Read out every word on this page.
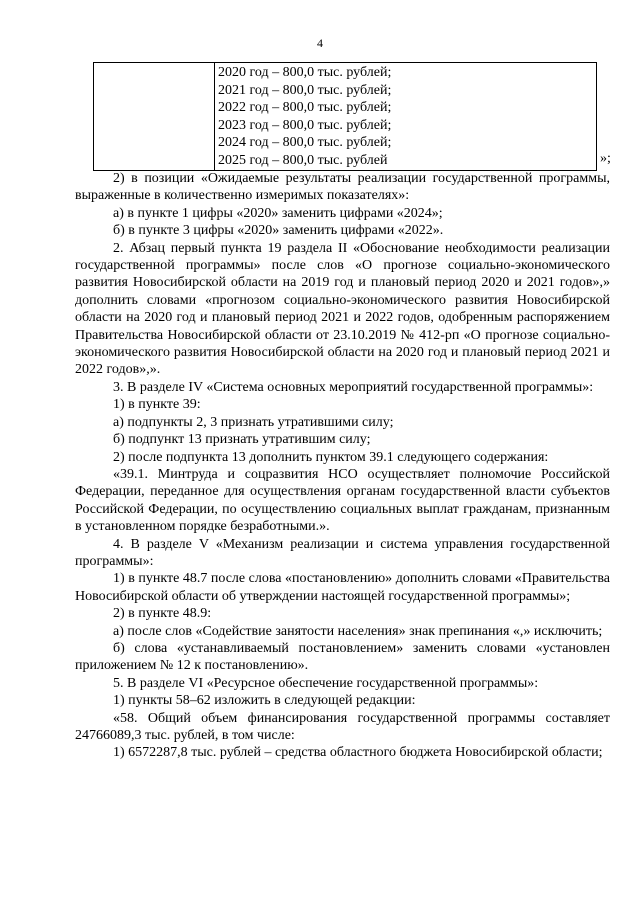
4

2020 год – 800,0 тыс. рублей;
2021 год – 800,0 тыс. рублей;
2022 год – 800,0 тыс. рублей;
2023 год – 800,0 тыс. рублей;
2024 год – 800,0 тыс. рублей;
2025 год – 800,0 тыс. рублей	»;

2) в позиции «Ожидаемые результаты реализации государственной программы, выраженные в количественно измеримых показателях»:

а) в пункте 1 цифры «2020» заменить цифрами «2024»;

б) в пункте 3 цифры «2020» заменить цифрами «2022».

2. Абзац первый пункта 19 раздела II «Обоснование необходимости реализации государственной программы» после слов «О прогнозе социально-экономического развития Новосибирской области на 2019 год и плановый период 2020 и 2021 годов»,» дополнить словами «прогнозом социально-экономического развития Новосибирской области на 2020 год и плановый период 2021 и 2022 годов, одобренным распоряжением Правительства Новосибирской области от 23.10.2019 № 412-рп «О прогнозе социально-экономического развития Новосибирской области на 2020 год и плановый период 2021 и 2022 годов»,».

3. В разделе IV «Система основных мероприятий государственной программы»:

1) в пункте 39:

а) подпункты 2, 3 признать утратившими силу;

б) подпункт 13 признать утратившим силу;

2) после подпункта 13 дополнить пунктом 39.1 следующего содержания:

«39.1. Минтруда и соцразвития НСО осуществляет полномочие Российской Федерации, переданное для осуществления органам государственной власти субъектов Российской Федерации, по осуществлению социальных выплат гражданам, признанным в установленном порядке безработными.».

4. В разделе V «Механизм реализации и система управления государственной программы»:

1) в пункте 48.7 после слова «постановлению» дополнить словами «Правительства Новосибирской области об утверждении настоящей государственной программы»;

2) в пункте 48.9:

а) после слов «Содействие занятости населения» знак препинания «,» исключить;

б) слова «устанавливаемый постановлением» заменить словами «установлен приложением № 12 к постановлению».

5. В разделе VI «Ресурсное обеспечение государственной программы»:

1) пункты 58–62 изложить в следующей редакции:

«58. Общий объем финансирования государственной программы составляет 24766089,3 тыс. рублей, в том числе:

1) 6572287,8 тыс. рублей – средства областного бюджета Новосибирской области;
